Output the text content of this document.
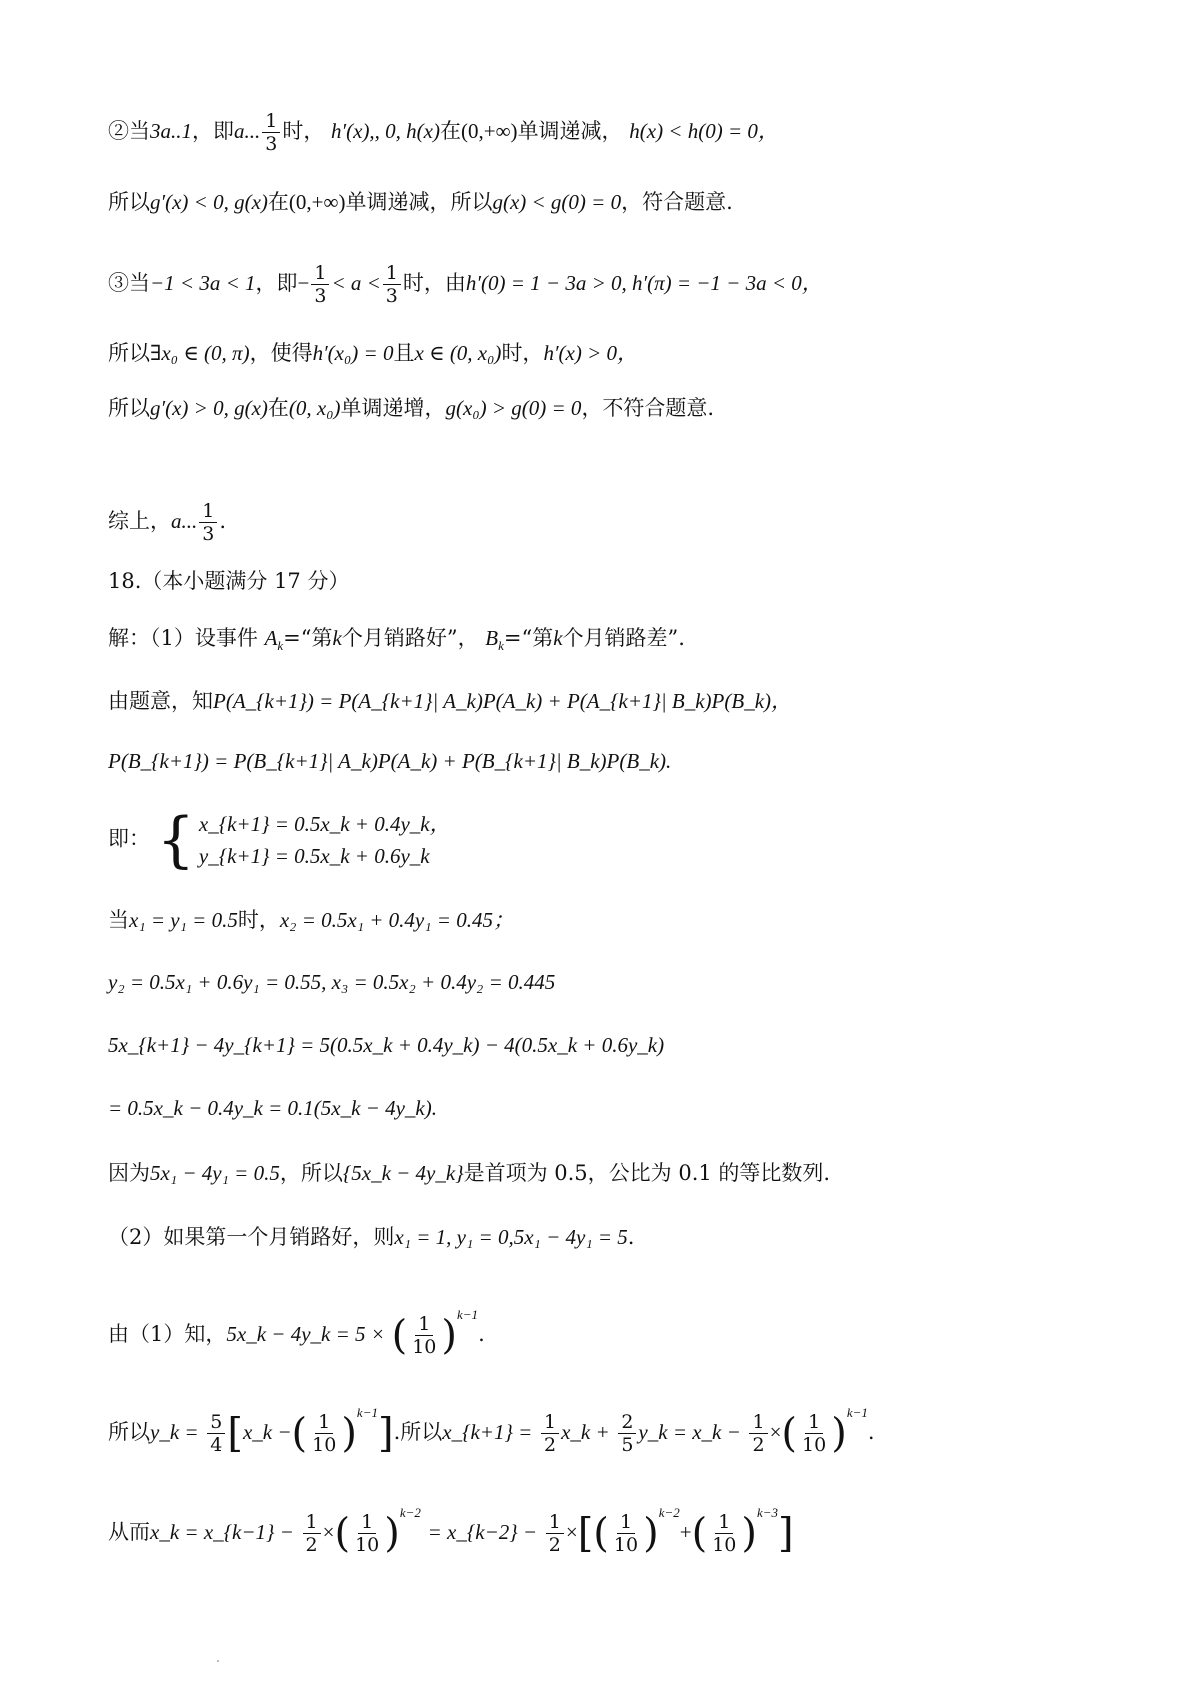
②当3a..1，即a... $\frac{1}{3}$ 时， h′(x),, 0, h(x)在(0,+∞)单调递减， h(x) < h(0) = 0，
所以g′(x) < 0, g(x)在(0,+∞)单调递减，所以g(x) < g(0) = 0，符合题意.
③当−1 < 3a < 1，即− $\frac{1}{3} < a < \frac{1}{3}$ 时，由h′(0) = 1 − 3a > 0, h′(π) = −1 − 3a < 0，
所以∃x₀ ∈ (0, π)，使得h′(x₀) = 0且x ∈ (0, x₀)时，h′(x) > 0，
所以g′(x) > 0, g(x)在(0, x₀)单调递增，g(x₀) > g(0) = 0，不符合题意.
综上，a... $\frac{1}{3}$ .
18.（本小题满分 17 分）
解：（1）设事件 $A_k=“$第k个月销路好”， $B_k=“$第k个月销路差”.
由题意，知P(A_{k+1}) = P(A_{k+1}| A_k)P(A_k) + P(A_{k+1}| B_k)P(B_k)，
P(B_{k+1}) = P(B_{k+1}| A_k)P(A_k) + P(B_{k+1}| B_k)P(B_k).
即： { x_{k+1} = 0.5x_k + 0.4y_k，
y_{k+1} = 0.5x_k + 0.6y_k
当x₁ = y₁ = 0.5时，x₂ = 0.5x₁ + 0.4y₁ = 0.45；
y₂ = 0.5x₁ + 0.6y₁ = 0.55, x₃ = 0.5x₂ + 0.4y₂ = 0.445
5x_{k+1} − 4y_{k+1} = 5(0.5x_k + 0.4y_k) − 4(0.5x_k + 0.6y_k)
= 0.5x_k − 0.4y_k = 0.1(5x_k − 4y_k).
因为5x₁ − 4y₁ = 0.5，所以{5x_k − 4y_k}是首项为 0.5，公比为 0.1 的等比数列.
（2）如果第一个月销路好，则x₁ = 1, y₁ = 0,5x₁ − 4y₁ = 5.
由（1）知，5x_k − 4y_k = 5 × ( $\frac{1}{10} )^{k-1}$.
所以y_k = $\frac{5}{4}$ [x_k −( $\frac{1}{10} )^{k-1}$].所以x_{k+1} = $\frac{1}{2}$ x_k + $\frac{2}{5}$ y_k = x_k − $\frac{1}{2}$ ×( $\frac{1}{10} )^{k-1}$.
从而x_k = x_{k−1} − $\frac{1}{2}$ ×( $\frac{1}{10} )^{k-2}$ = x_{k−2} − $\frac{1}{2}$ ×[( $\frac{1}{10} )^{k-2}+( \frac{1}{10} )^{k-3}$]
